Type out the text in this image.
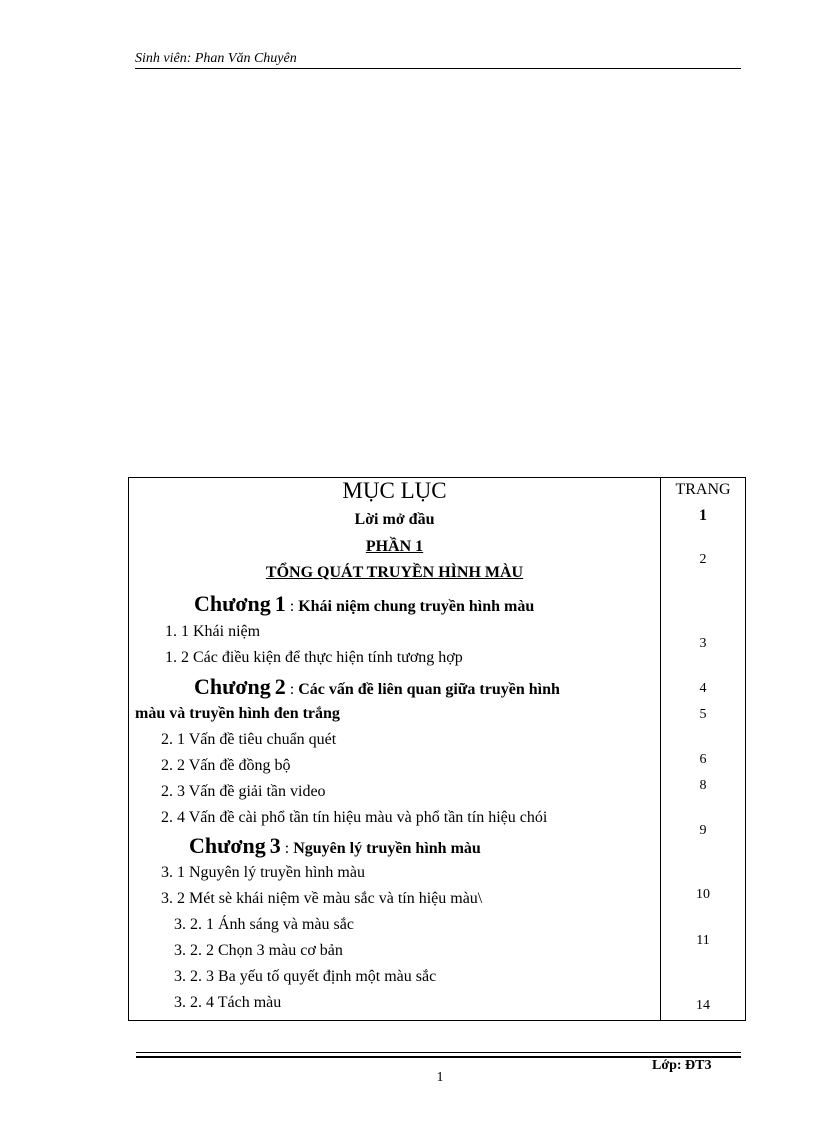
Sinh viên: Phan Văn Chuyên
MỤC LỤC
Lời mở đầu
PHẦN 1
TỔNG QUÁT TRUYỀN HÌNH MÀU
Chương 1 : Khái niệm chung truyền hình màu
1. 1 Khái niệm
1. 2 Các điều kiện để thực hiện tính tương hợp
Chương 2 : Các vấn đề liên quan giữa truyền hình
màu và truyền hình đen trắng
2. 1 Vấn đề tiêu chuẩn quét
2. 2 Vấn đề đồng bộ
2. 3 Vấn đề giải tần video
2. 4 Vấn đề cài phổ tần tín hiệu màu và phổ tần tín hiệu chói
Chương 3 : Nguyên lý truyền hình màu
3. 1 Nguyên lý truyền hình màu
3. 2 Mét sè khái niệm về màu sắc và tín hiệu màu\
3. 2. 1 Ánh sáng và màu sắc
3. 2. 2 Chọn 3 màu cơ bản
3. 2. 3 Ba yếu tố quyết định một màu sắc
3. 2. 4 Tách màu
TRANG
1
2
3
4
5
6
8
9
10
11
14
Lớp: ĐT3
1
